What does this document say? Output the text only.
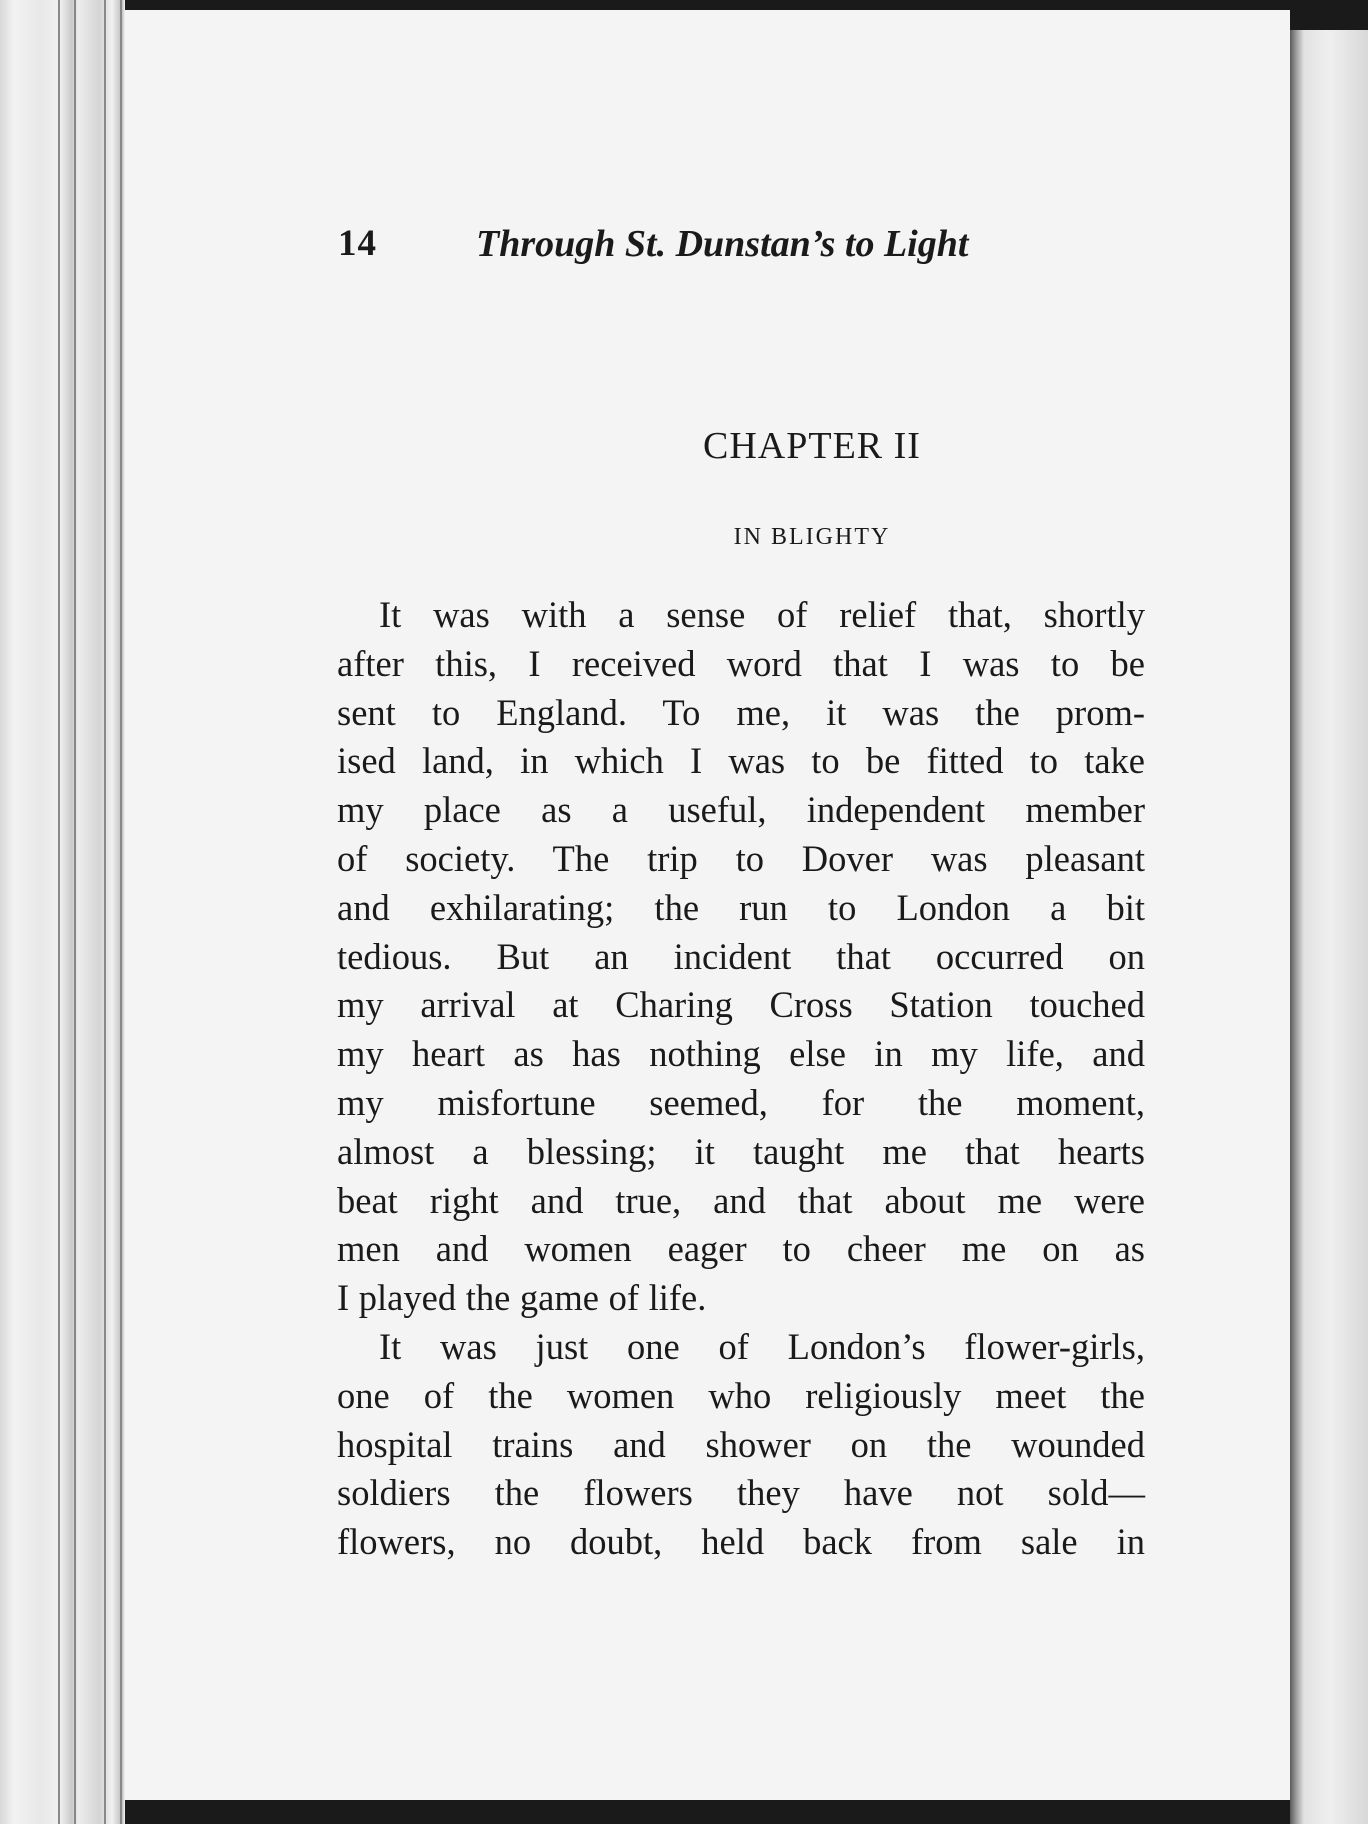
14	Through St. Dunstan’s to Light
CHAPTER II
IN BLIGHTY
It was with a sense of relief that, shortly
after this, I received word that I was to be
sent to England. To me, it was the prom-
ised land, in which I was to be fitted to take
my place as a useful, independent member
of society. The trip to Dover was pleasant
and exhilarating; the run to London a bit
tedious. But an incident that occurred on
my arrival at Charing Cross Station touched
my heart as has nothing else in my life, and
my misfortune seemed, for the moment,
almost a blessing; it taught me that hearts
beat right and true, and that about me were
men and women eager to cheer me on as
I played the game of life.
It was just one of London’s flower-girls,
one of the women who religiously meet the
hospital trains and shower on the wounded
soldiers the flowers they have not sold—
flowers, no doubt, held back from sale in
